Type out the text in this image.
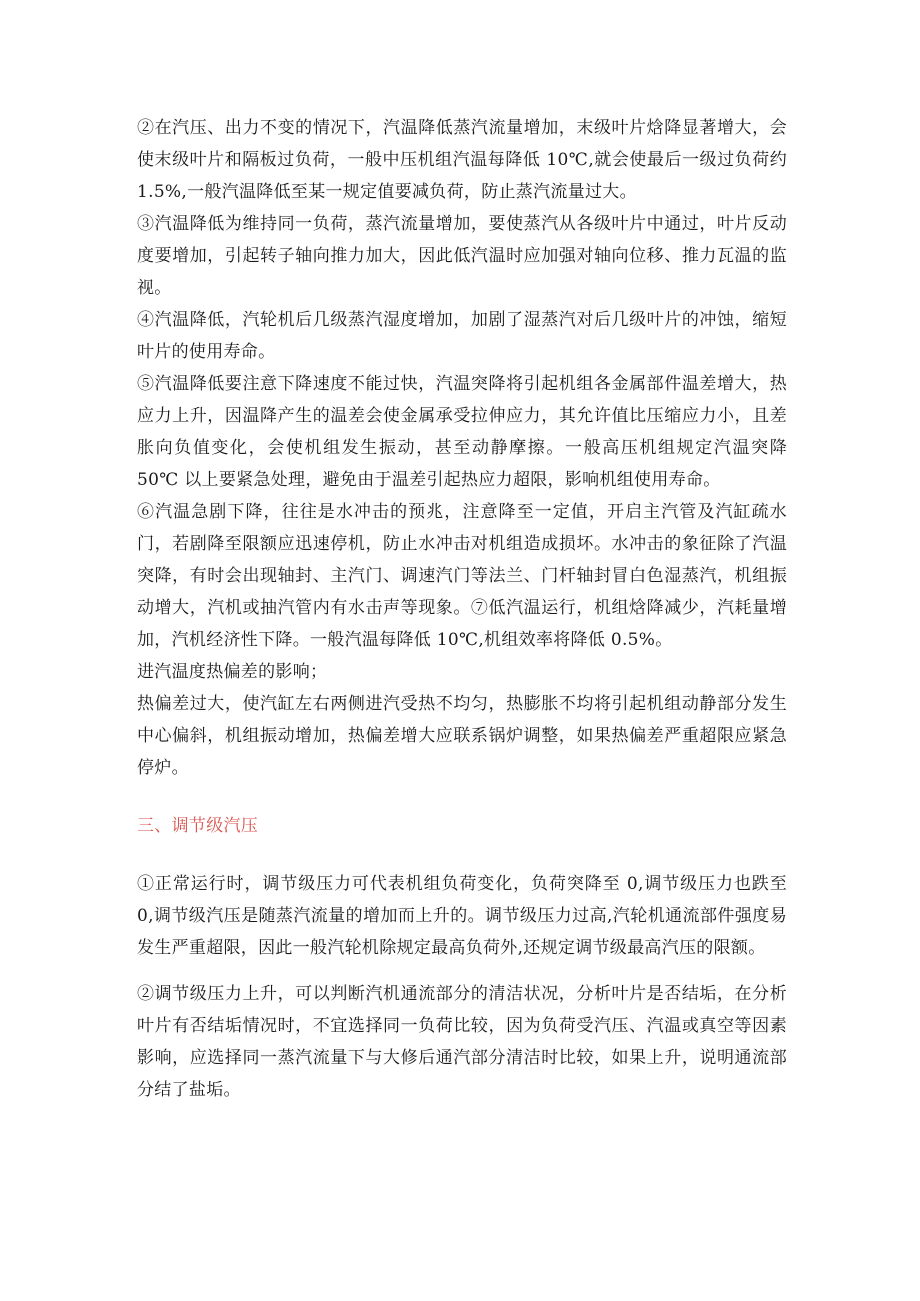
②在汽压、出力不变的情况下，汽温降低蒸汽流量增加，末级叶片焓降显著增大，会使末级叶片和隔板过负荷，一般中压机组汽温每降低 10℃,就会使最后一级过负荷约 1.5%,一般汽温降低至某一规定值要减负荷，防止蒸汽流量过大。

③汽温降低为维持同一负荷，蒸汽流量增加，要使蒸汽从各级叶片中通过，叶片反动度要增加，引起转子轴向推力加大，因此低汽温时应加强对轴向位移、推力瓦温的监视。

④汽温降低，汽轮机后几级蒸汽湿度增加，加剧了湿蒸汽对后几级叶片的冲蚀，缩短叶片的使用寿命。

⑤汽温降低要注意下降速度不能过快，汽温突降将引起机组各金属部件温差增大，热应力上升，因温降产生的温差会使金属承受拉伸应力，其允许值比压缩应力小，且差胀向负值变化，会使机组发生振动，甚至动静摩擦。一般高压机组规定汽温突降 50℃ 以上要紧急处理，避免由于温差引起热应力超限，影响机组使用寿命。

⑥汽温急剧下降，往往是水冲击的预兆，注意降至一定值，开启主汽管及汽缸疏水门，若剧降至限额应迅速停机，防止水冲击对机组造成损坏。水冲击的象征除了汽温突降，有时会出现轴封、主汽门、调速汽门等法兰、门杆轴封冒白色湿蒸汽，机组振动增大，汽机或抽汽管内有水击声等现象。⑦低汽温运行，机组焓降减少，汽耗量增加，汽机经济性下降。一般汽温每降低 10℃,机组效率将降低 0.5%。

进汽温度热偏差的影响；

热偏差过大，使汽缸左右两侧进汽受热不均匀，热膨胀不均将引起机组动静部分发生中心偏斜，机组振动增加，热偏差增大应联系锅炉调整，如果热偏差严重超限应紧急停炉。

三、调节级汽压

①正常运行时，调节级压力可代表机组负荷变化，负荷突降至 0,调节级压力也跌至 0,调节级汽压是随蒸汽流量的增加而上升的。调节级压力过高,汽轮机通流部件强度易发生严重超限，因此一般汽轮机除规定最高负荷外,还规定调节级最高汽压的限额。

②调节级压力上升，可以判断汽机通流部分的清洁状况，分析叶片是否结垢，在分析叶片有否结垢情况时，不宜选择同一负荷比较，因为负荷受汽压、汽温或真空等因素影响，应选择同一蒸汽流量下与大修后通汽部分清洁时比较，如果上升，说明通流部分结了盐垢。
